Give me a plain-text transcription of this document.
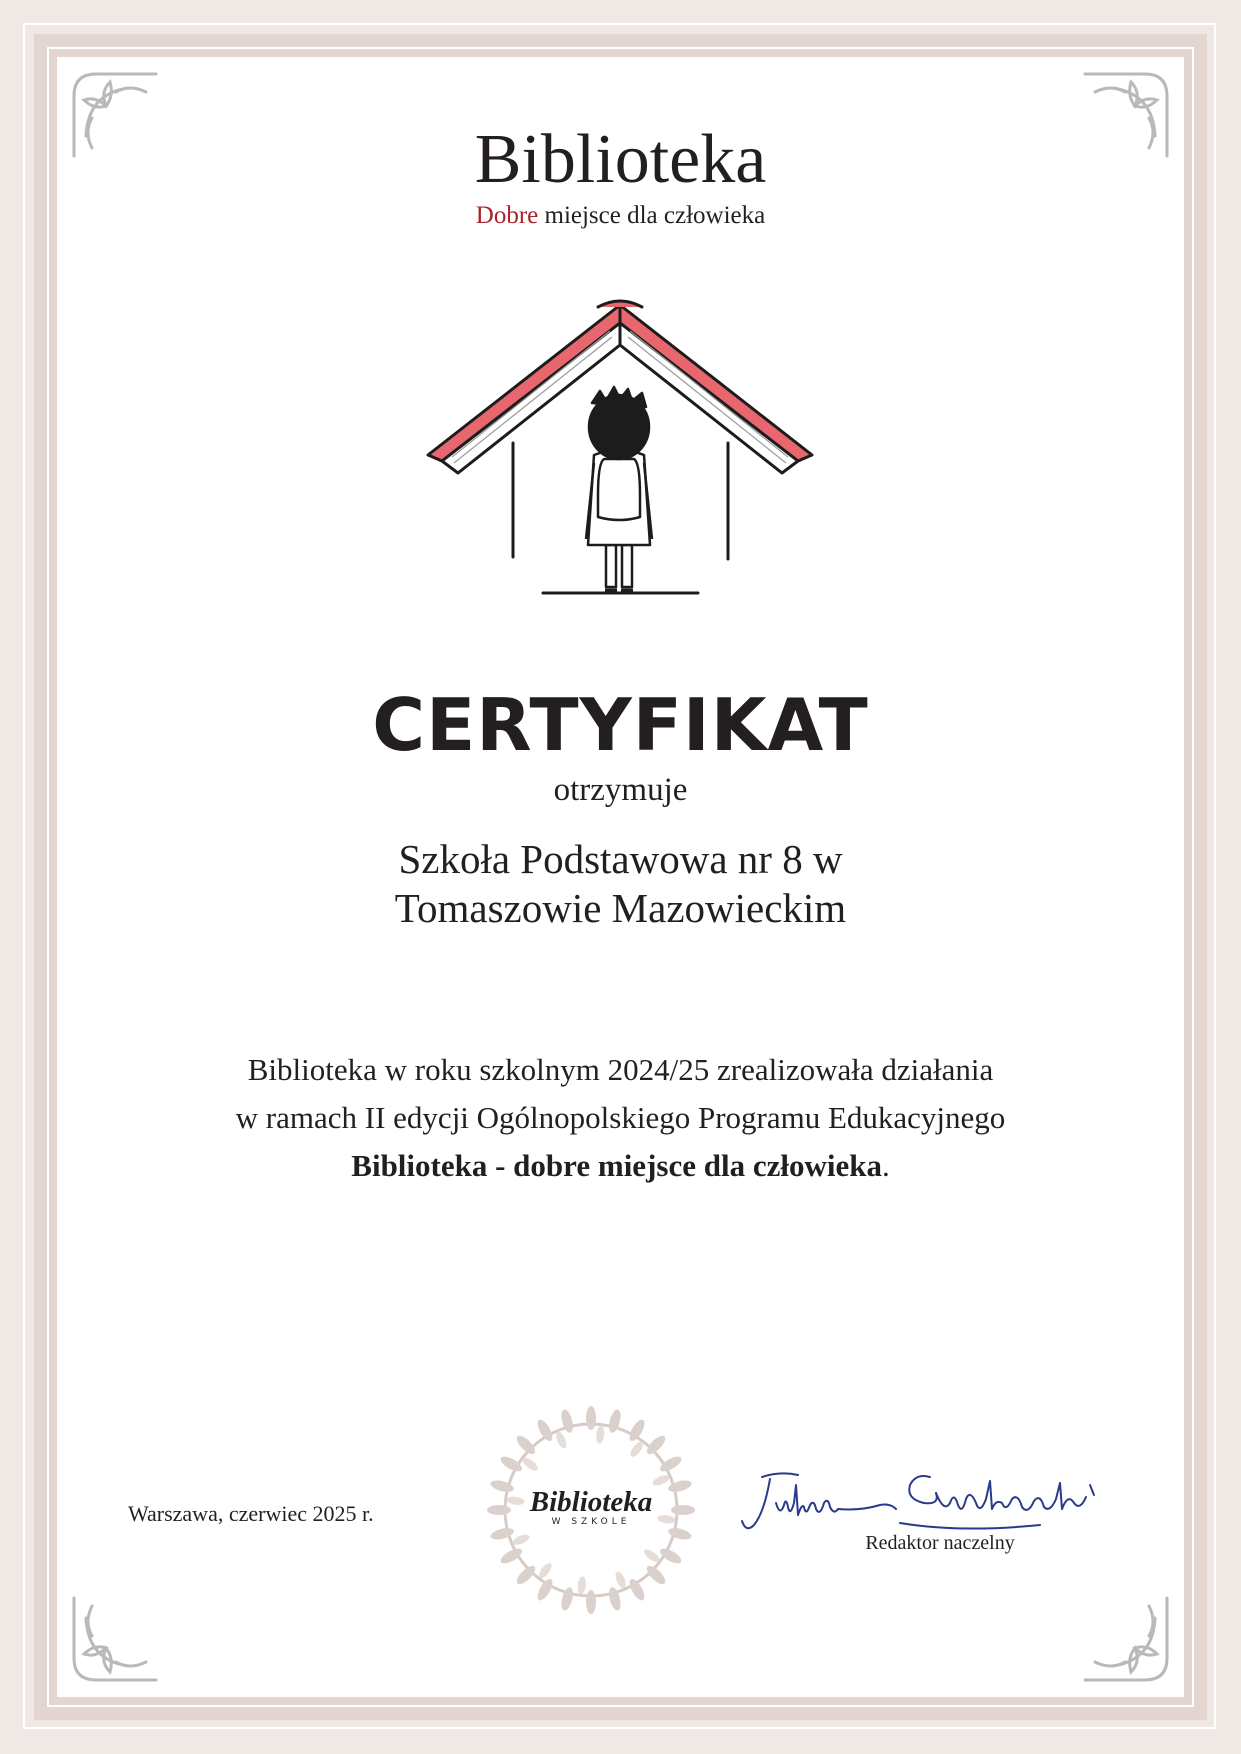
Biblioteka
Dobre miejsce dla człowieka
CERTYFIKAT
otrzymuje
Szkoła Podstawowa nr 8 w
Tomaszowie Mazowieckim
Biblioteka w roku szkolnym 2024/25 zrealizowała działania
w ramach II edycji Ogólnopolskiego Programu Edukacyjnego
Biblioteka - dobre miejsce dla człowieka.
Warszawa, czerwiec 2025 r.	Biblioteka
W SZKOLE
Redaktor naczelny
